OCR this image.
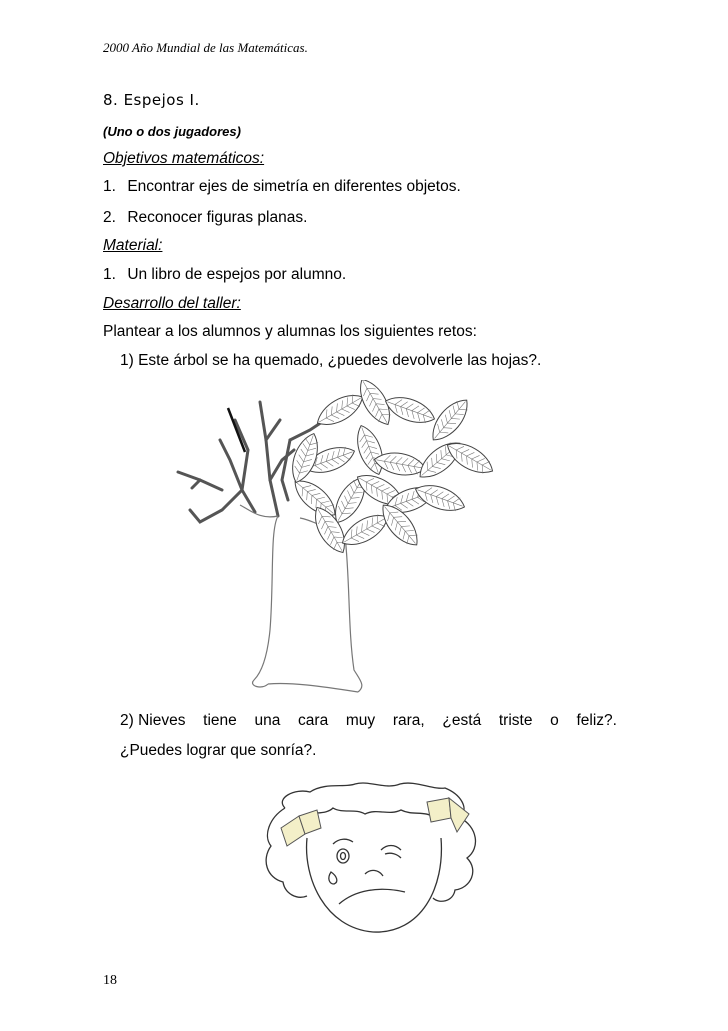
2000 Año Mundial de las Matemáticas.
8. Espejos I.
(Uno o dos jugadores)
Objetivos matemáticos:
1. Encontrar ejes de simetría en diferentes objetos.
2. Reconocer figuras planas.
Material:
1. Un libro de espejos por alumno.
Desarrollo del taller:
Plantear a los alumnos y alumnas los siguientes retos:
1) Este árbol se ha quemado, ¿puedes devolverle las hojas?.
2) Nieves tiene una cara muy rara, ¿está triste o feliz?.
¿Puedes lograr que sonría?.
18
